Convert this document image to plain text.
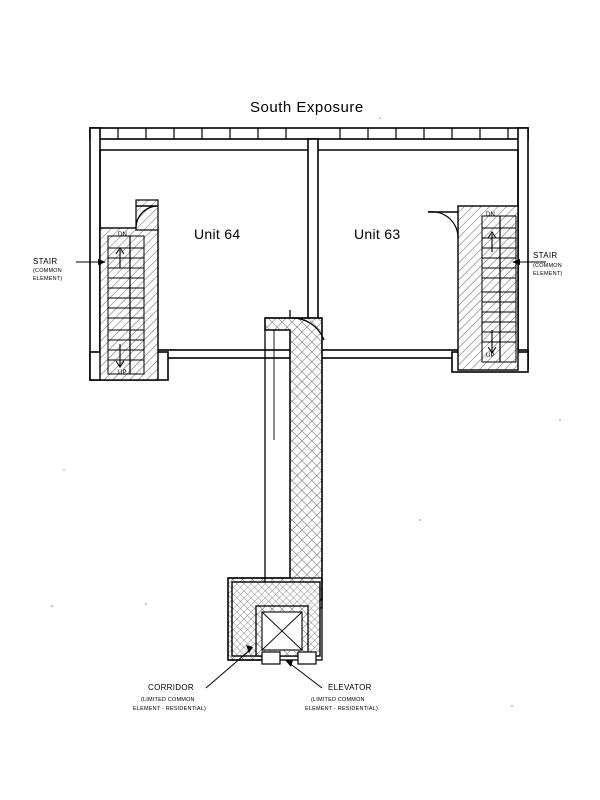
South Exposure
Unit 64	Unit 63
STAIR
(COMMON
ELEMENT)
STAIR
(COMMON
ELEMENT)
CORRIDOR
(LIMITED COMMON
ELEMENT - RESIDENTIAL)
ELEVATOR
(LIMITED COMMON
ELEMENT - RESIDENTIAL)
DN
UP
DN
UP
